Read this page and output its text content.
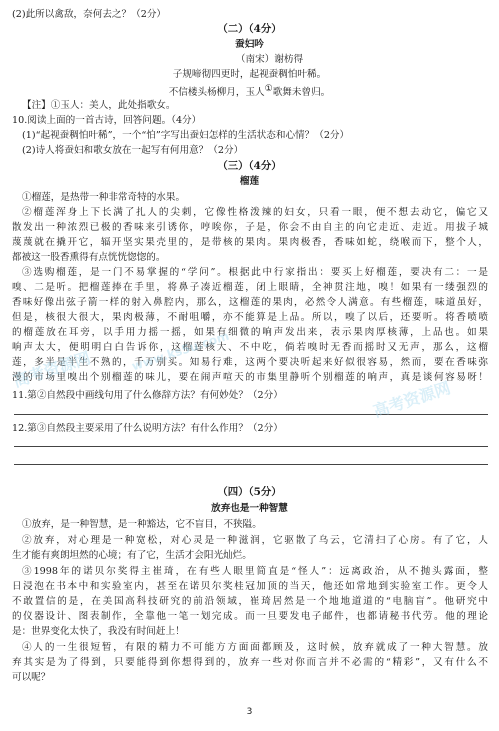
(2)此所以禽敌，奈何去之？（2分）
（二）（4分）
蚕妇吟
（南宋）谢枋得
子规啼彻四更时，起视蚕稠怕叶稀。
不信楼头杨柳月，玉人①歌舞未曾归。
【注】①玉人：美人，此处指歌女。
10.阅读上面的一首古诗，回答问题。（4分）
(1)“起视蚕稠怕叶稀”，一个“怕”字写出蚕妇怎样的生活状态和心情？（2分）
(2)诗人将蚕妇和歌女放在一起写有何用意？（2分）
（三）（4分）
榴莲
①榴莲，是热带一种非常奇特的水果。
②榴莲浑身上下长满了扎人的尖刺，它像性格泼辣的妇女，只看一眼，便不想去动它，偏它又
散发出一种浓烈已极的香味来引诱你，哼唉你，子是，你会不由自主的向它走近、走近。用拔子城
蔑蔑就在撬开它，辐开坚实果壳里的，是带核的果肉。果肉极香，香味如蛇，绕喉而下，整个人，
都被这一股香熏得有点恍恍惚惚的。
③选购榴莲，是一门不易掌握的“学问”。根据此中行家指出：要买上好榴莲，要决有二：一是
嗅、二是听。把榴莲捧在手里，将鼻子凑近榴莲，闭上眼睛，全神贯注地，嗅！如果有一缕强烈的
香味好像出弦子箭一样的射入鼻腔内，那么，这榴莲的果肉，必然令人满意。有些榴莲，味道虽好，
但是，核很大很大，果肉极薄，不耐咀嚼，亦不能算是上品。所以，嗅了以后，还要听。将香喷喷
的榴莲放在耳旁，以手用力摇一摇，如果有细微的响声发出来，表示果肉厚核薄，上品也。如果
响声太大，便明明白白告诉你，这榴莲核大、不中吃，倘若嗅时无香而摇时又无声，那么，这榴
莲，多半是半生不熟的，千万别买。知易行难，这两个要决听起来好似很容易，然而，要在香味弥
漫的市场里嗅出个别榴莲的味儿，要在闹声喧天的市集里静听个别榴莲的响声，真是谈何容易呀！
11.第②自然段中画线句用了什么修辞方法？有何妙处？（2分）
12.第③自然段主要采用了什么说明方法？有什么作用？（2分）
高考资源网	www.ks5u.com
高考资源网
（四）（5分）
放弃也是一种智慧
①放弃，是一种智慧，是一种豁达，它不盲目，不狭隘。
②放弃，对心理是一种宽松，对心灵是一种滋润，它驱散了乌云，它清扫了心房。有了它，人
生才能有爽朗坦然的心境；有了它，生活才会阳光灿烂。
③1998年的诺贝尔奖得主崔琦，在有些人眼里简直是“怪人”：远离政治，从不抛头露面，整
日浸泡在书本中和实验室内，甚至在诺贝尔奖桂冠加顶的当天，他还如常地到实验室工作。更令人
不敢置信的是，在美国高科技研究的前沿领域，崔琦居然是一个地地道道的“电脑盲”。他研究中
的仪器设计、图表制作，全靠他一笔一划完成。而一旦要发电子邮件，也都请秘书代劳。他的理论
是：世界变化太快了，我没有时间赶上！
④人的一生很短暂，有限的精力不可能方方面面都顾及，这时候，放弃就成了一种大智慧。放
弃其实是为了得到，只要能得到你想得到的，放弃一些对你而言并不必需的“精彩”，又有什么不
可以呢？
3
